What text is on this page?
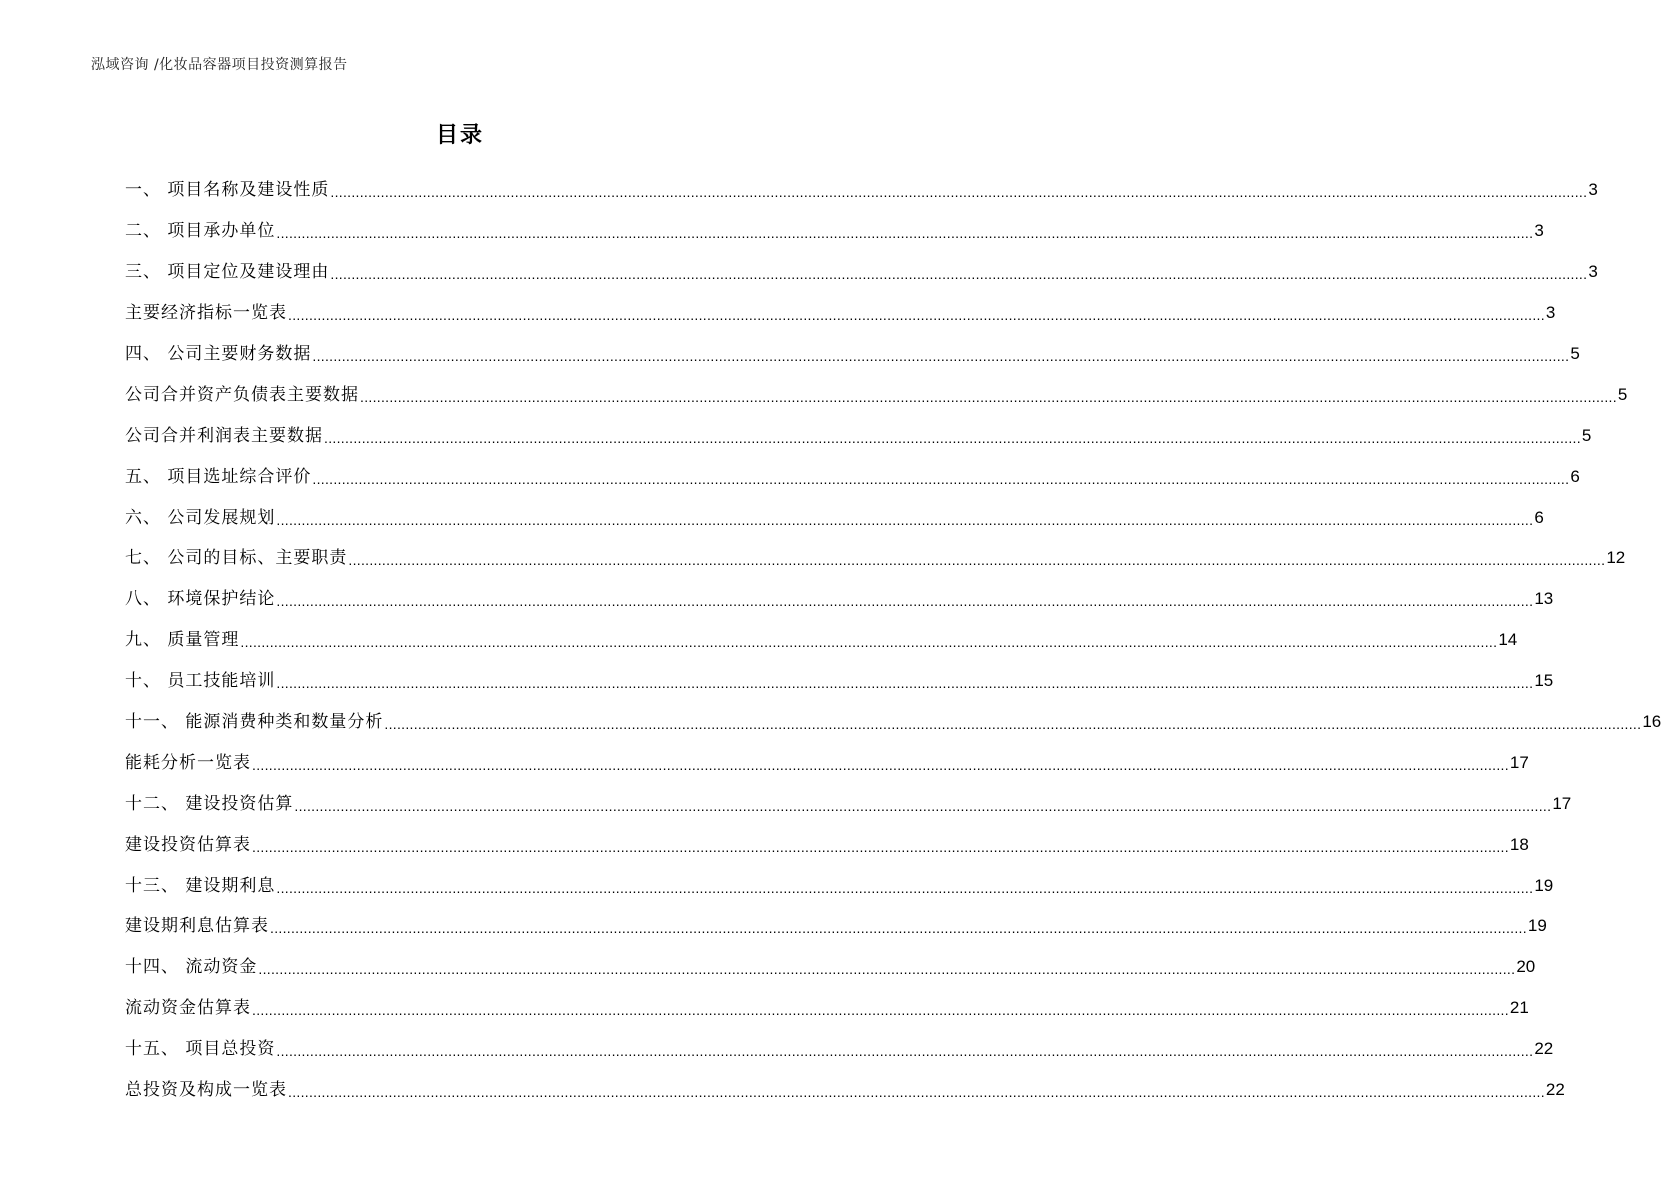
泓域咨询 /化妆品容器项目投资测算报告
目录
一、 项目名称及建设性质 ............................................................................................................................................................................................................................................................................................................ 3
二、 项目承办单位 ............................................................................................................................................................................................................................................................................................................ 3
三、 项目定位及建设理由 ............................................................................................................................................................................................................................................................................................................ 3
主要经济指标一览表 ............................................................................................................................................................................................................................................................................................................ 3
四、 公司主要财务数据 ............................................................................................................................................................................................................................................................................................................ 5
公司合并资产负债表主要数据 ............................................................................................................................................................................................................................................................................................................ 5
公司合并利润表主要数据 ............................................................................................................................................................................................................................................................................................................ 5
五、 项目选址综合评价 ............................................................................................................................................................................................................................................................................................................ 6
六、 公司发展规划 ............................................................................................................................................................................................................................................................................................................ 6
七、 公司的目标、主要职责 ............................................................................................................................................................................................................................................................................................................ 12
八、 环境保护结论 ............................................................................................................................................................................................................................................................................................................ 13
九、 质量管理 ............................................................................................................................................................................................................................................................................................................ 14
十、 员工技能培训 ............................................................................................................................................................................................................................................................................................................ 15
十一、 能源消费种类和数量分析 ............................................................................................................................................................................................................................................................................................................ 16
能耗分析一览表 ............................................................................................................................................................................................................................................................................................................ 17
十二、 建设投资估算 ............................................................................................................................................................................................................................................................................................................ 17
建设投资估算表 ............................................................................................................................................................................................................................................................................................................ 18
十三、 建设期利息 ............................................................................................................................................................................................................................................................................................................ 19
建设期利息估算表 ............................................................................................................................................................................................................................................................................................................ 19
十四、 流动资金 ............................................................................................................................................................................................................................................................................................................ 20
流动资金估算表 ............................................................................................................................................................................................................................................................................................................ 21
十五、 项目总投资 ............................................................................................................................................................................................................................................................................................................ 22
总投资及构成一览表 ............................................................................................................................................................................................................................................................................................................ 22
